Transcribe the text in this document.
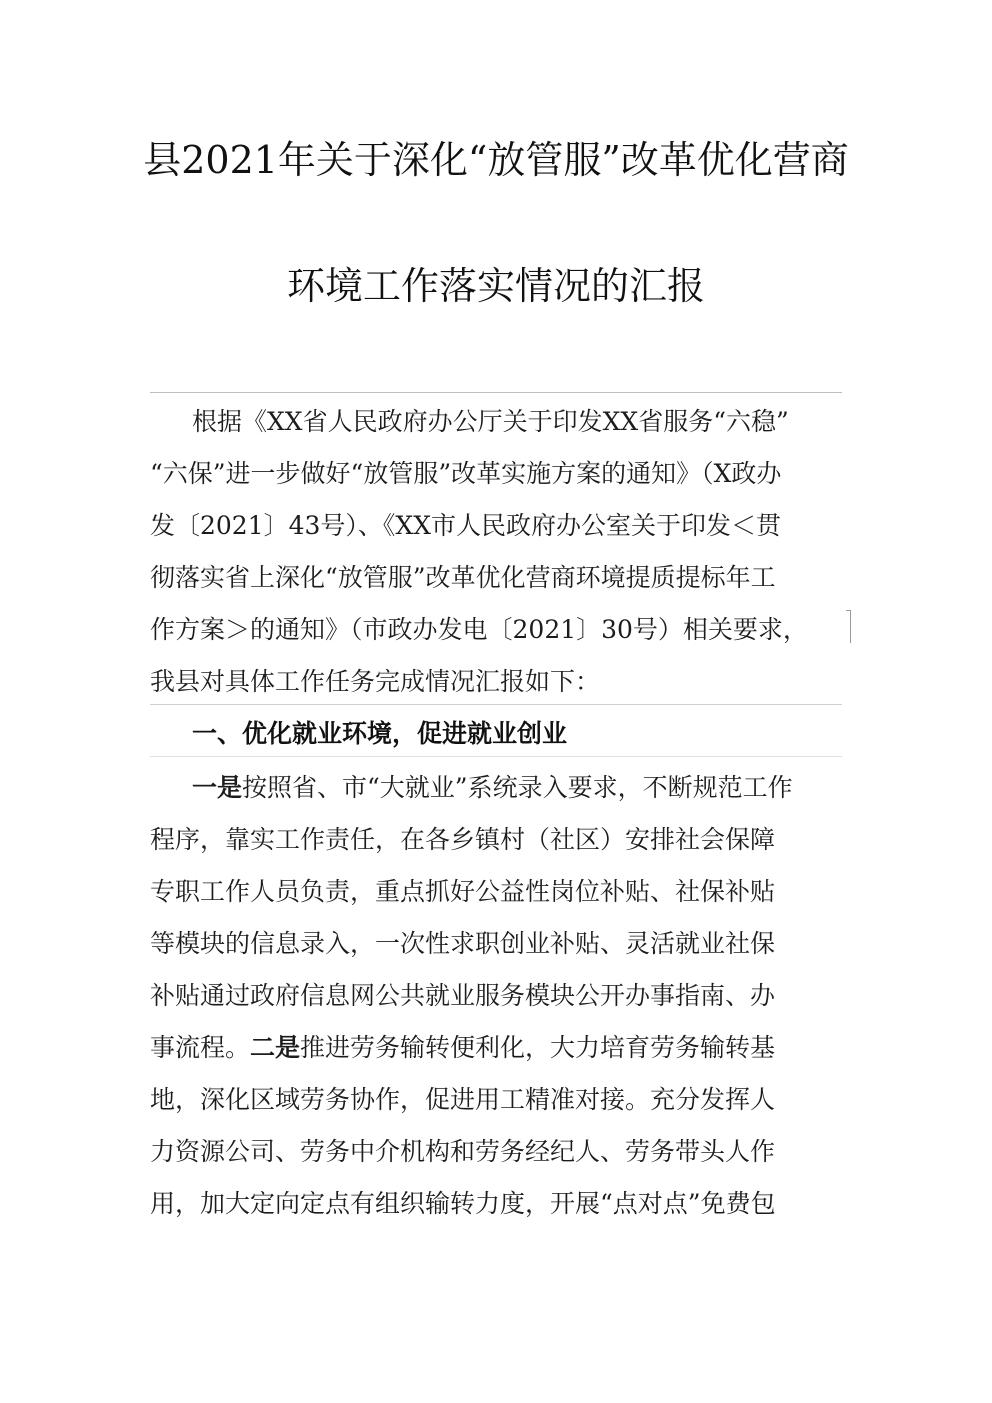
县2021年关于深化“放管服”改革优化营商
环境工作落实情况的汇报
根据《XX省人民政府办公厅关于印发XX省服务“六稳”
“六保”进一步做好“放管服”改革实施方案的通知》（X政办
发〔2021〕43号）、《XX市人民政府办公室关于印发＜贯
彻落实省上深化“放管服”改革优化营商环境提质提标年工
作方案＞的通知》（市政办发电〔2021〕30号）相关要求，
我县对具体工作任务完成情况汇报如下：
一、优化就业环境，促进就业创业
一是按照省、市“大就业”系统录入要求，不断规范工作
程序，靠实工作责任，在各乡镇村（社区）安排社会保障
专职工作人员负责，重点抓好公益性岗位补贴、社保补贴
等模块的信息录入，一次性求职创业补贴、灵活就业社保
补贴通过政府信息网公共就业服务模块公开办事指南、办
事流程。二是推进劳务输转便利化，大力培育劳务输转基
地，深化区域劳务协作，促进用工精准对接。充分发挥人
力资源公司、劳务中介机构和劳务经纪人、劳务带头人作
用，加大定向定点有组织输转力度，开展“点对点”免费包
